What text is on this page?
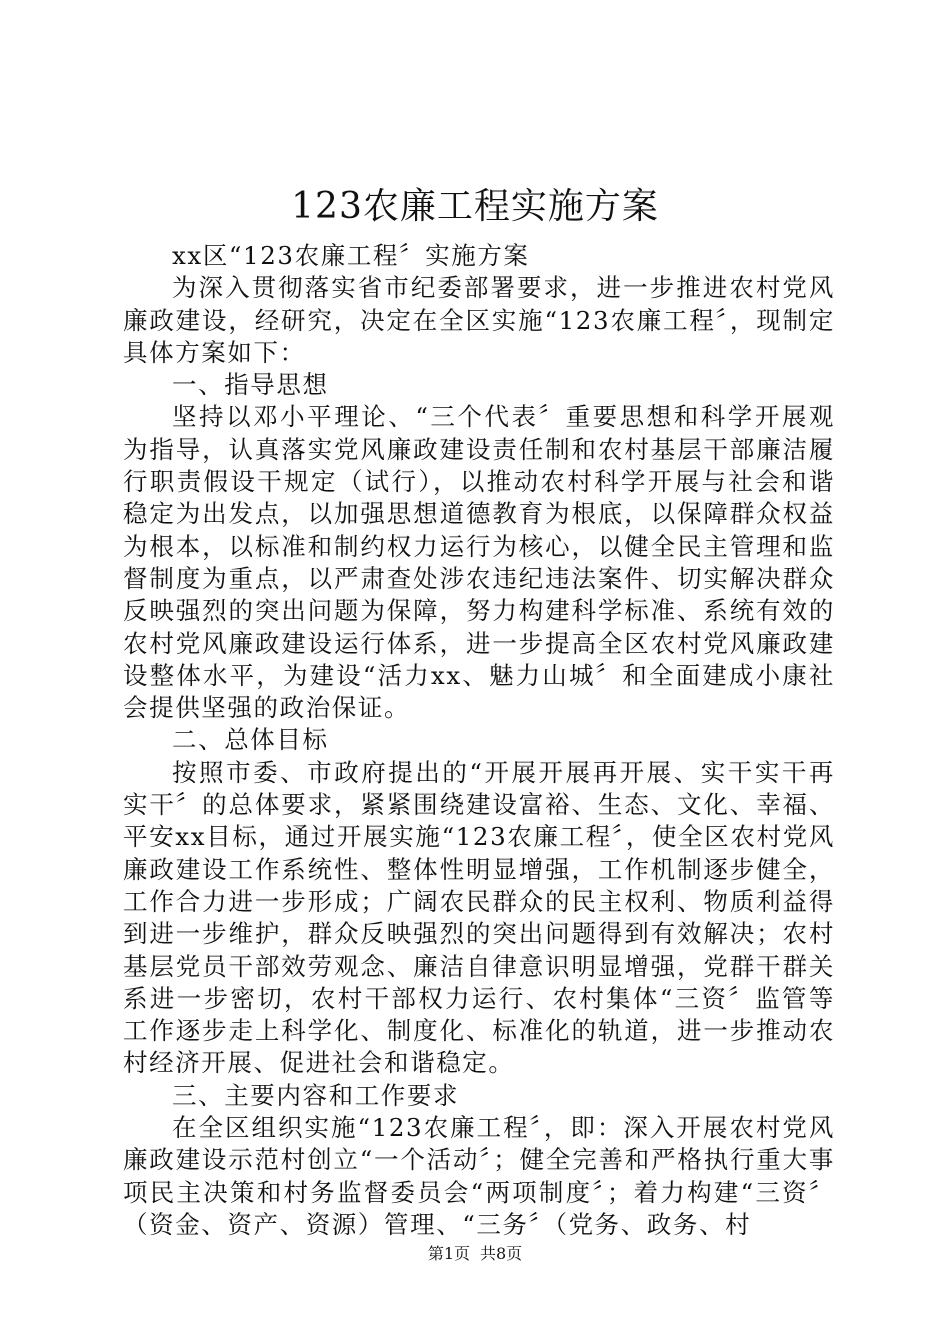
123农廉工程实施方案

xx区“123农廉工程〞实施方案

为深入贯彻落实省市纪委部署要求，进一步推进农村党风廉政建设，经研究，决定在全区实施“123农廉工程〞，现制定具体方案如下：

一、指导思想

坚持以邓小平理论、“三个代表〞重要思想和科学开展观为指导，认真落实党风廉政建设责任制和农村基层干部廉洁履行职责假设干规定（试行），以推动农村科学开展与社会和谐稳定为出发点，以加强思想道德教育为根底，以保障群众权益为根本，以标准和制约权力运行为核心，以健全民主管理和监督制度为重点，以严肃查处涉农违纪违法案件、切实解决群众反映强烈的突出问题为保障，努力构建科学标准、系统有效的农村党风廉政建设运行体系，进一步提高全区农村党风廉政建设整体水平，为建设“活力xx、魅力山城〞和全面建成小康社会提供坚强的政治保证。

二、总体目标

按照市委、市政府提出的“开展开展再开展、实干实干再实干〞的总体要求，紧紧围绕建设富裕、生态、文化、幸福、平安xx目标，通过开展实施“123农廉工程〞，使全区农村党风廉政建设工作系统性、整体性明显增强，工作机制逐步健全，工作合力进一步形成；广阔农民群众的民主权利、物质利益得到进一步维护，群众反映强烈的突出问题得到有效解决；农村基层党员干部效劳观念、廉洁自律意识明显增强，党群干群关系进一步密切，农村干部权力运行、农村集体“三资〞监管等工作逐步走上科学化、制度化、标准化的轨道，进一步推动农村经济开展、促进社会和谐稳定。

三、主要内容和工作要求

在全区组织实施“123农廉工程〞，即：深入开展农村党风廉政建设示范村创立“一个活动〞；健全完善和严格执行重大事项民主决策和村务监督委员会“两项制度〞；着力构建“三资〞（资金、资产、资源）管理、“三务〞（党务、政务、村

第1页 共8页
